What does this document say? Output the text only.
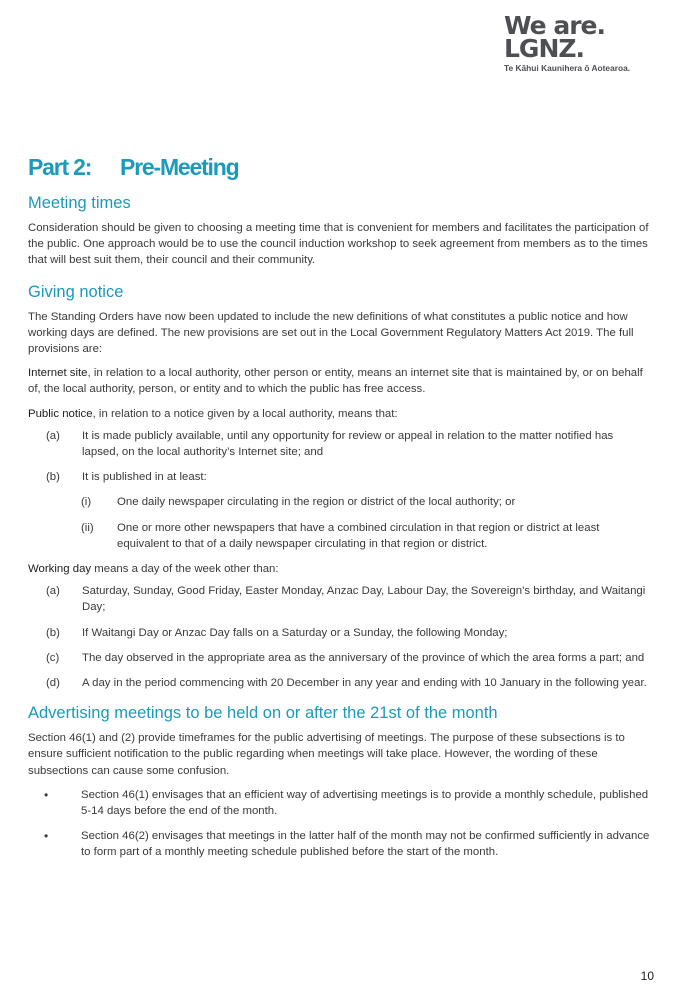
We are.
LGNZ.
Te Kāhui Kaunihera ō Aotearoa.
Part 2:	Pre-Meeting
Meeting times

Consideration should be given to choosing a meeting time that is convenient for members and facilitates the participation of the public. One approach would be to use the council induction workshop to seek agreement from members as to the times that will best suit them, their council and their community.

Giving notice

The Standing Orders have now been updated to include the new definitions of what constitutes a public notice and how working days are defined. The new provisions are set out in the Local Government Regulatory Matters Act 2019. The full provisions are:

Internet site, in relation to a local authority, other person or entity, means an internet site that is maintained by, or on behalf of, the local authority, person, or entity and to which the public has free access.

Public notice, in relation to a notice given by a local authority, means that:

(a)	It is made publicly available, until any opportunity for review or appeal in relation to the matter notified has lapsed, on the local authority’s Internet site; and
(b)	It is published in at least:
(i)	One daily newspaper circulating in the region or district of the local authority; or
(ii)	One or more other newspapers that have a combined circulation in that region or district at least equivalent to that of a daily newspaper circulating in that region or district.

Working day means a day of the week other than:

(a)	Saturday, Sunday, Good Friday, Easter Monday, Anzac Day, Labour Day, the Sovereign’s birthday, and Waitangi Day;
(b)	If Waitangi Day or Anzac Day falls on a Saturday or a Sunday, the following Monday;
(c)	The day observed in the appropriate area as the anniversary of the province of which the area forms a part; and
(d)	A day in the period commencing with 20 December in any year and ending with 10 January in the following year.
Advertising meetings to be held on or after the 21st of the month

Section 46(1) and (2) provide timeframes for the public advertising of meetings. The purpose of these subsections is to ensure sufficient notification to the public regarding when meetings will take place. However, the wording of these subsections can cause some confusion.

•	Section 46(1) envisages that an efficient way of advertising meetings is to provide a monthly schedule, published 5-14 days before the end of the month.
•	Section 46(2) envisages that meetings in the latter half of the month may not be confirmed sufficiently in advance to form part of a monthly meeting schedule published before the start of the month.
10
